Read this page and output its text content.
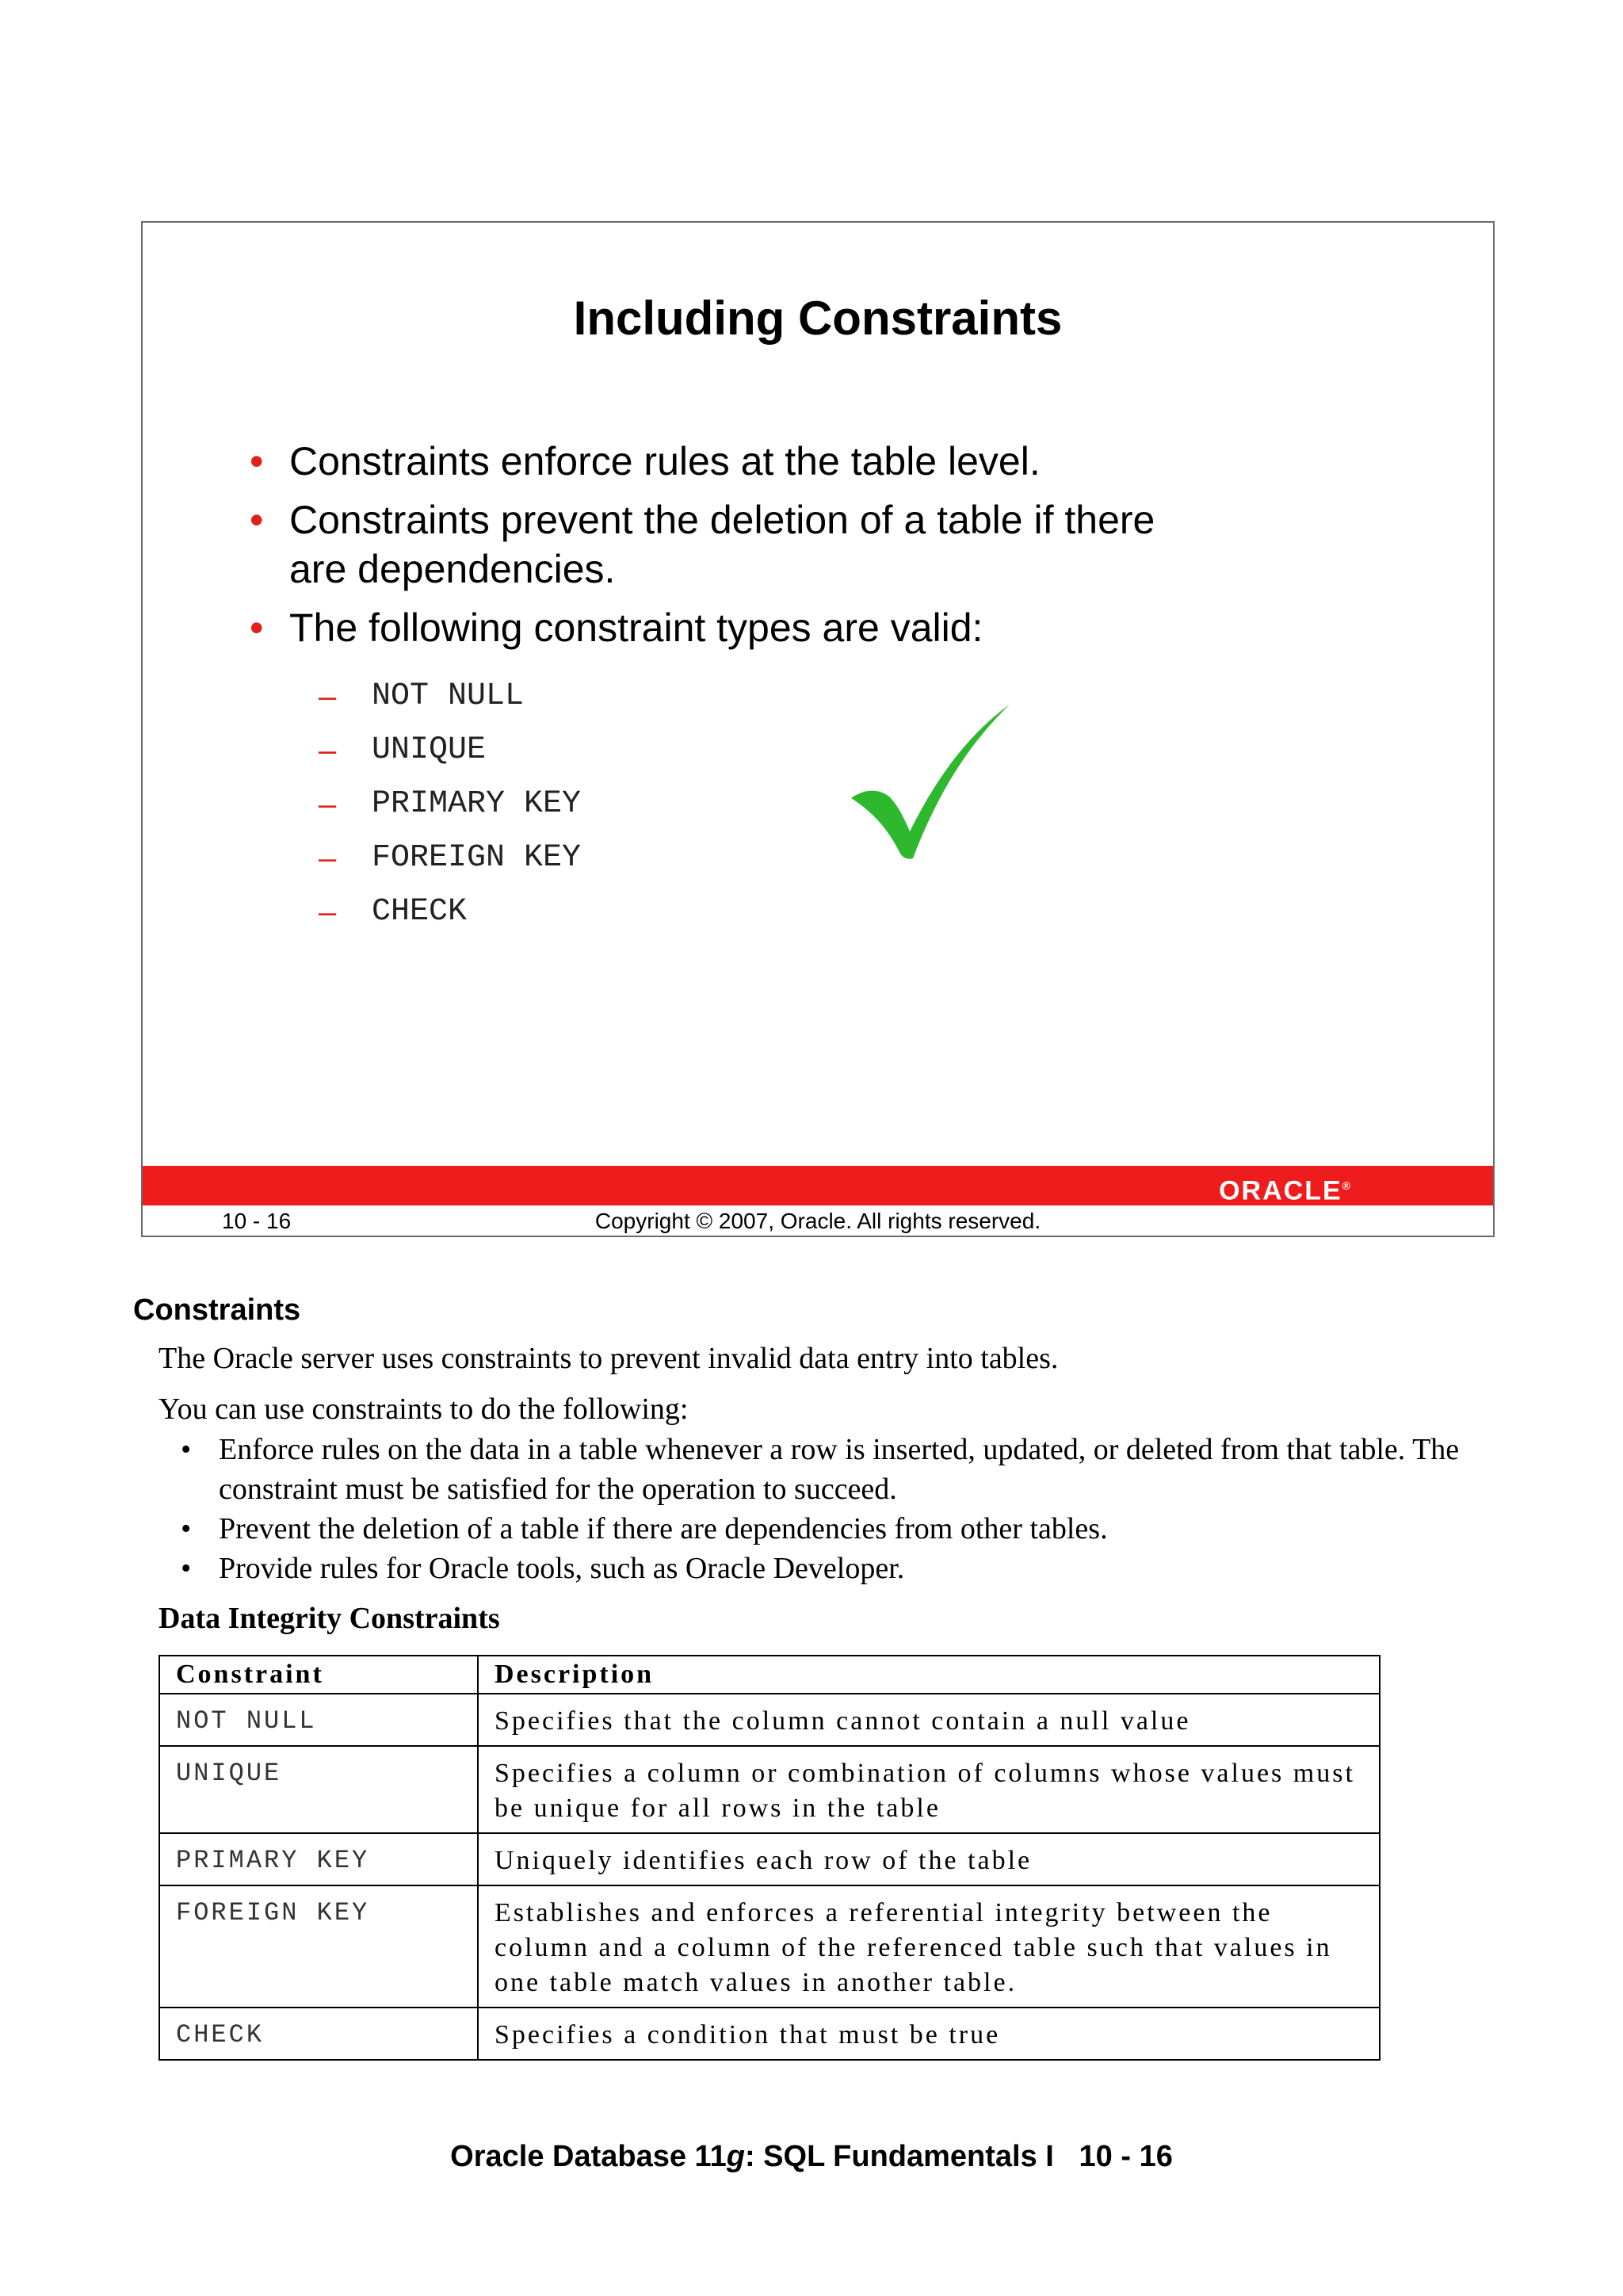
Including Constraints
• Constraints enforce rules at the table level.
• Constraints prevent the deletion of a table if there are dependencies.
• The following constraint types are valid:
– NOT NULL
– UNIQUE
– PRIMARY KEY
– FOREIGN KEY
– CHECK
ORACLE®
Copyright © 2007, Oracle. All rights reserved.
10 - 16
Constraints
The Oracle server uses constraints to prevent invalid data entry into tables.
You can use constraints to do the following:
• Enforce rules on the data in a table whenever a row is inserted, updated, or deleted from that table. The constraint must be satisfied for the operation to succeed.
• Prevent the deletion of a table if there are dependencies from other tables.
• Provide rules for Oracle tools, such as Oracle Developer.
Data Integrity Constraints
Constraint	Description
NOT NULL	Specifies that the column cannot contain a null value
UNIQUE	Specifies a column or combination of columns whose values must be unique for all rows in the table
PRIMARY KEY	Uniquely identifies each row of the table
FOREIGN KEY	Establishes and enforces a referential integrity between the column and a column of the referenced table such that values in one table match values in another table.
CHECK	Specifies a condition that must be true
Oracle Database 11g: SQL Fundamentals I   10 - 16
